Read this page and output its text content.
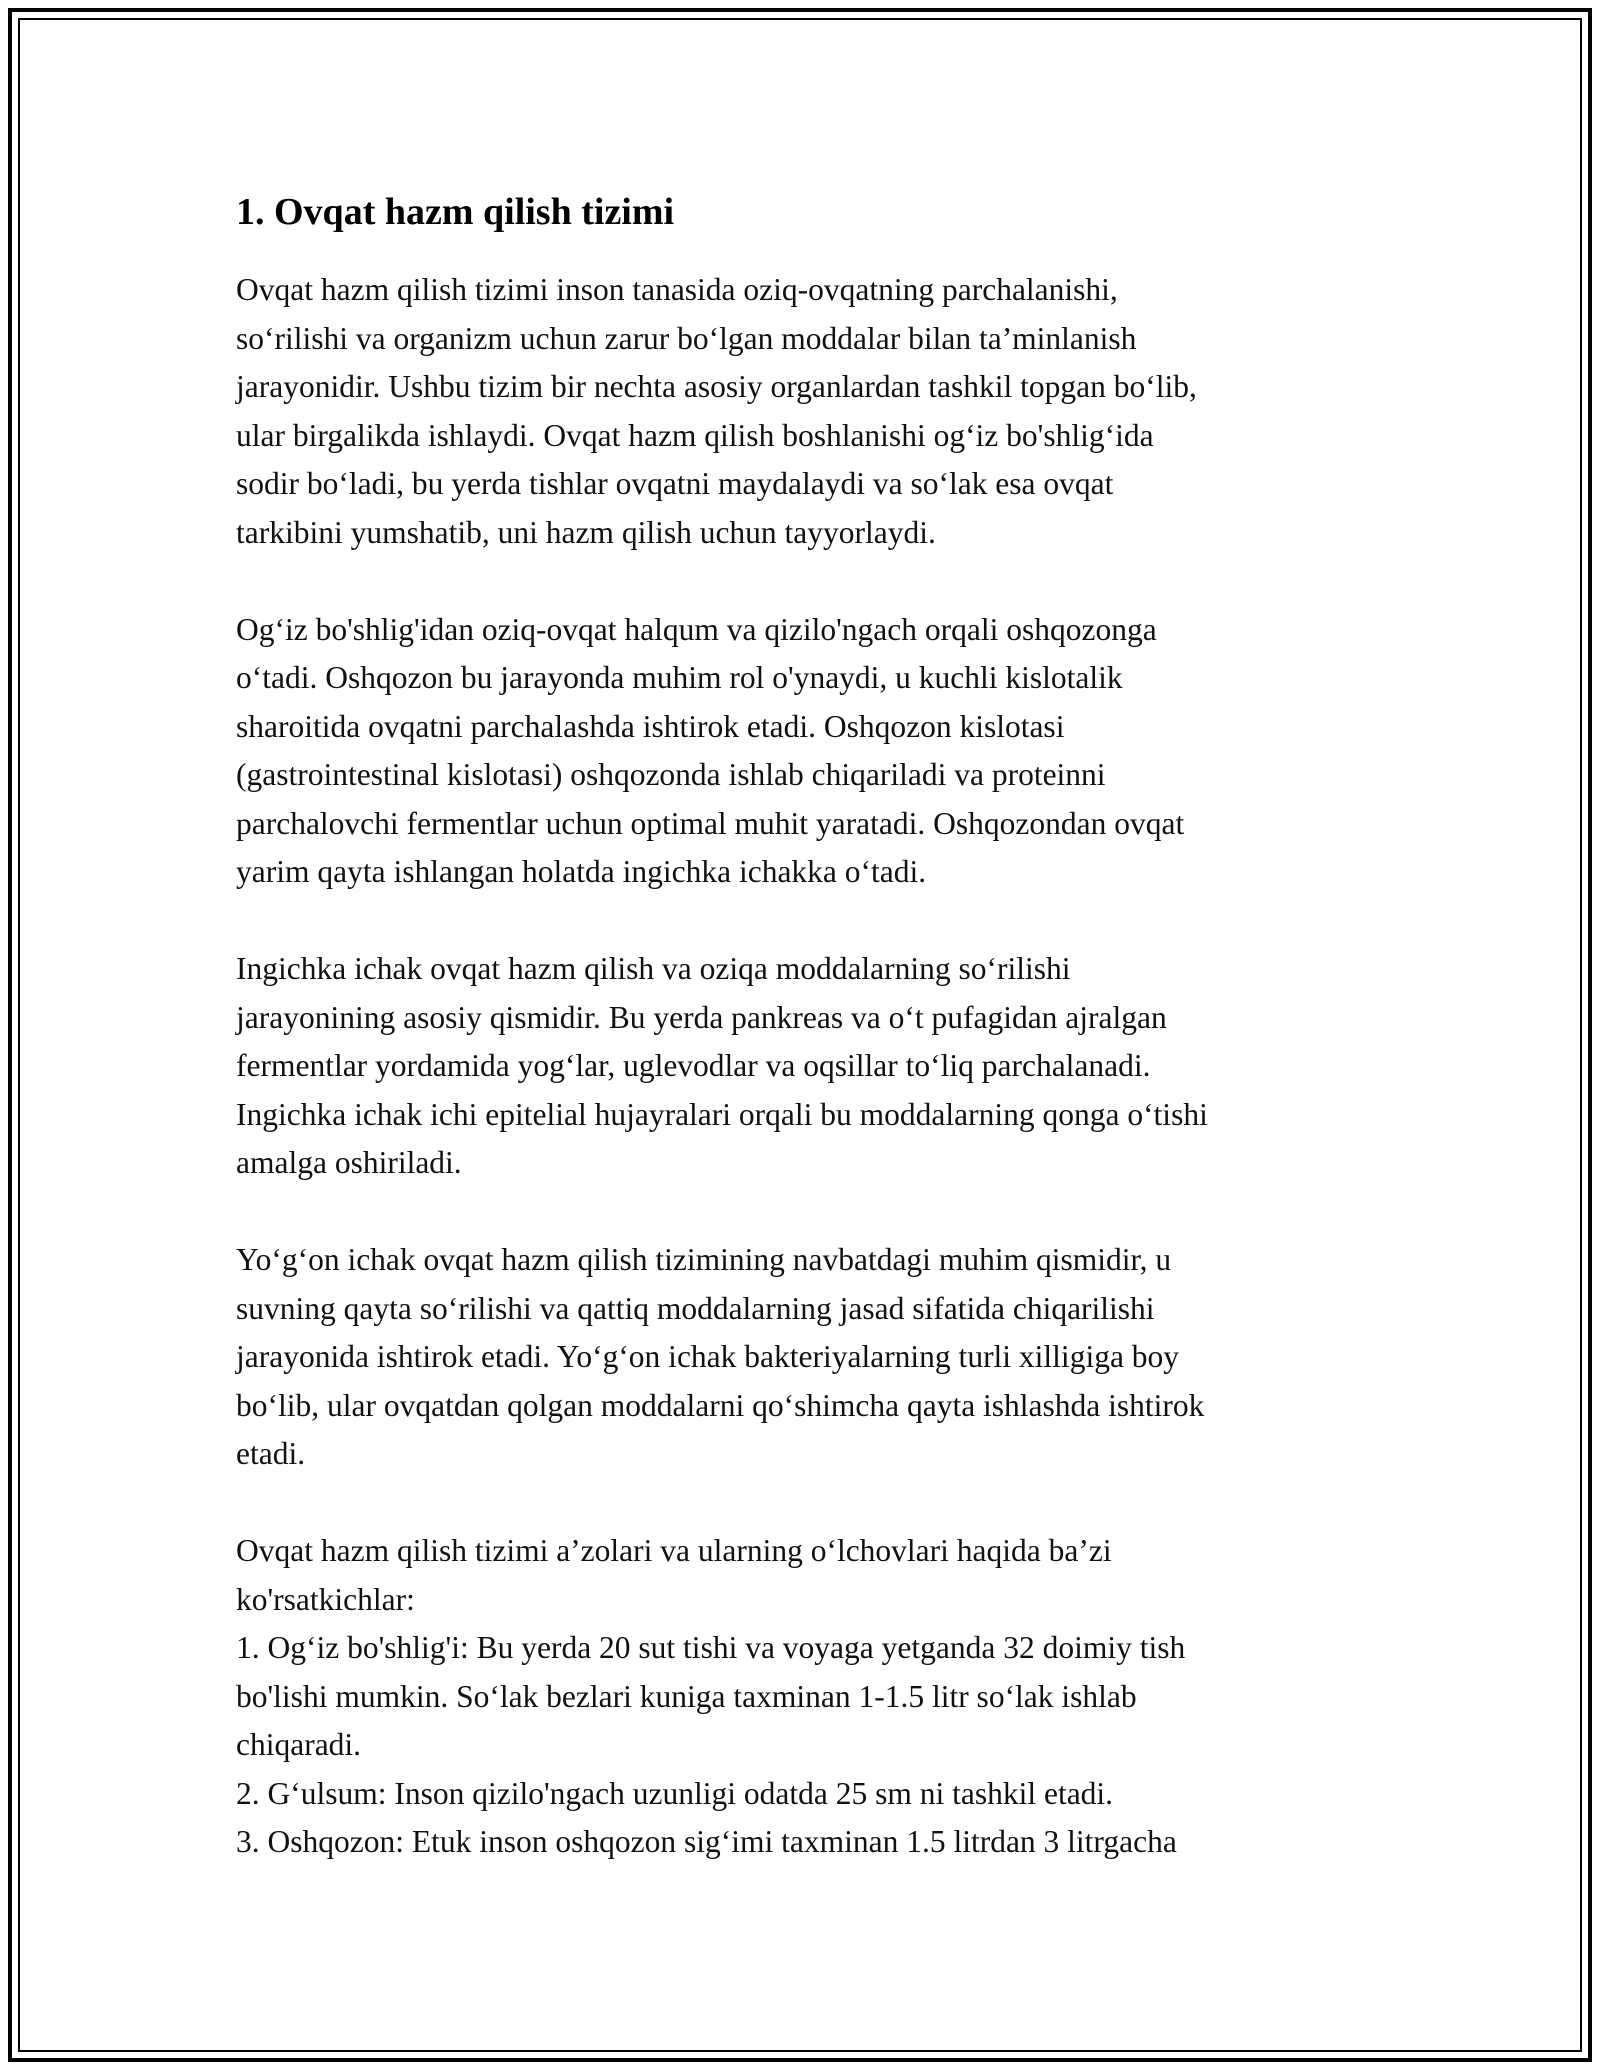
1. Ovqat hazm qilish tizimi

Ovqat hazm qilish tizimi inson tanasida oziq-ovqatning parchalanishi,
so‘rilishi va organizm uchun zarur bo‘lgan moddalar bilan ta’minlanish
jarayonidir. Ushbu tizim bir nechta asosiy organlardan tashkil topgan bo‘lib,
ular birgalikda ishlaydi. Ovqat hazm qilish boshlanishi og‘iz bo'shlig‘ida
sodir bo‘ladi, bu yerda tishlar ovqatni maydalaydi va so‘lak esa ovqat
tarkibini yumshatib, uni hazm qilish uchun tayyorlaydi.

Og‘iz bo'shlig'idan oziq-ovqat halqum va qizilo'ngach orqali oshqozonga
o‘tadi. Oshqozon bu jarayonda muhim rol o'ynaydi, u kuchli kislotalik
sharoitida ovqatni parchalashda ishtirok etadi. Oshqozon kislotasi
(gastrointestinal kislotasi) oshqozonda ishlab chiqariladi va proteinni
parchalovchi fermentlar uchun optimal muhit yaratadi. Oshqozondan ovqat
yarim qayta ishlangan holatda ingichka ichakka o‘tadi.

Ingichka ichak ovqat hazm qilish va oziqa moddalarning so‘rilishi
jarayonining asosiy qismidir. Bu yerda pankreas va o‘t pufagidan ajralgan
fermentlar yordamida yog‘lar, uglevodlar va oqsillar to‘liq parchalanadi.
Ingichka ichak ichi epitelial hujayralari orqali bu moddalarning qonga o‘tishi
amalga oshiriladi.

Yo‘g‘on ichak ovqat hazm qilish tizimining navbatdagi muhim qismidir, u
suvning qayta so‘rilishi va qattiq moddalarning jasad sifatida chiqarilishi
jarayonida ishtirok etadi. Yo‘g‘on ichak bakteriyalarning turli xilligiga boy
bo‘lib, ular ovqatdan qolgan moddalarni qo‘shimcha qayta ishlashda ishtirok
etadi.

Ovqat hazm qilish tizimi a’zolari va ularning o‘lchovlari haqida ba’zi
ko'rsatkichlar:
1. Og‘iz bo'shlig'i: Bu yerda 20 sut tishi va voyaga yetganda 32 doimiy tish
bo'lishi mumkin. So‘lak bezlari kuniga taxminan 1-1.5 litr so‘lak ishlab
chiqaradi.
2. G‘ulsum: Inson qizilo'ngach uzunligi odatda 25 sm ni tashkil etadi.
3. Oshqozon: Etuk inson oshqozon sig‘imi taxminan 1.5 litrdan 3 litrgacha
